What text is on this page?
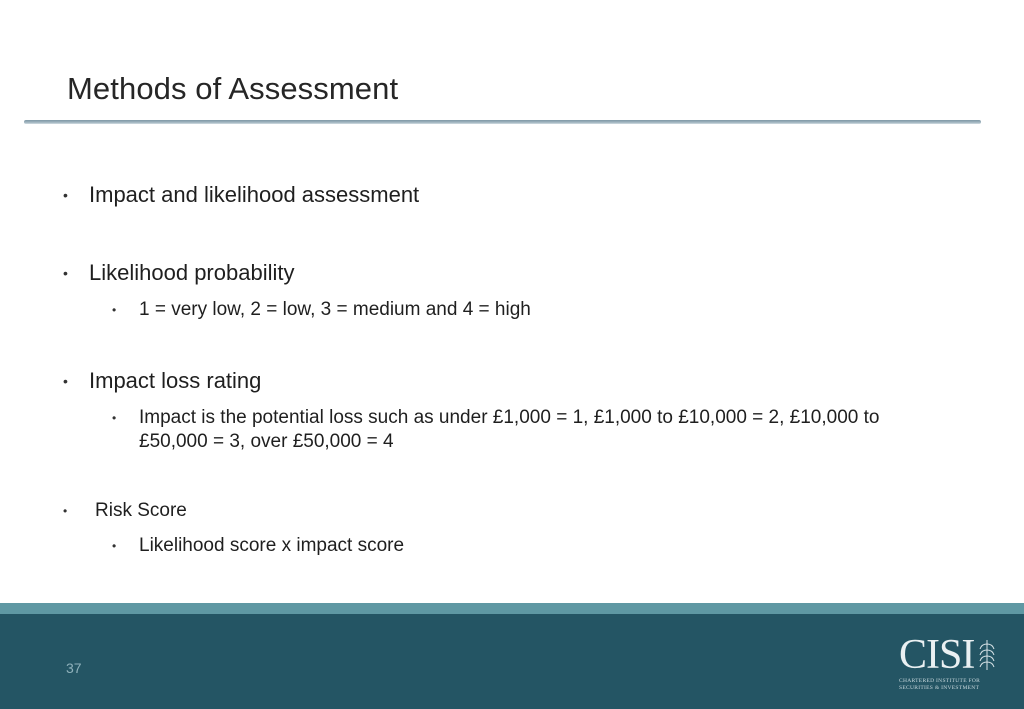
Methods of Assessment
• Impact and likelihood assessment
• Likelihood probability
•	1 = very low, 2 = low, 3 = medium and 4 = high
• Impact loss rating
•	Impact is the potential loss such as under £1,000 = 1, £1,000 to £10,000 = 2, £10,000 to
£50,000 = 3, over £50,000 = 4
•	Risk Score
•	Likelihood score x impact score
37	CISI
CHARTERED INSTITUTE FOR
SECURITIES & INVESTMENT
